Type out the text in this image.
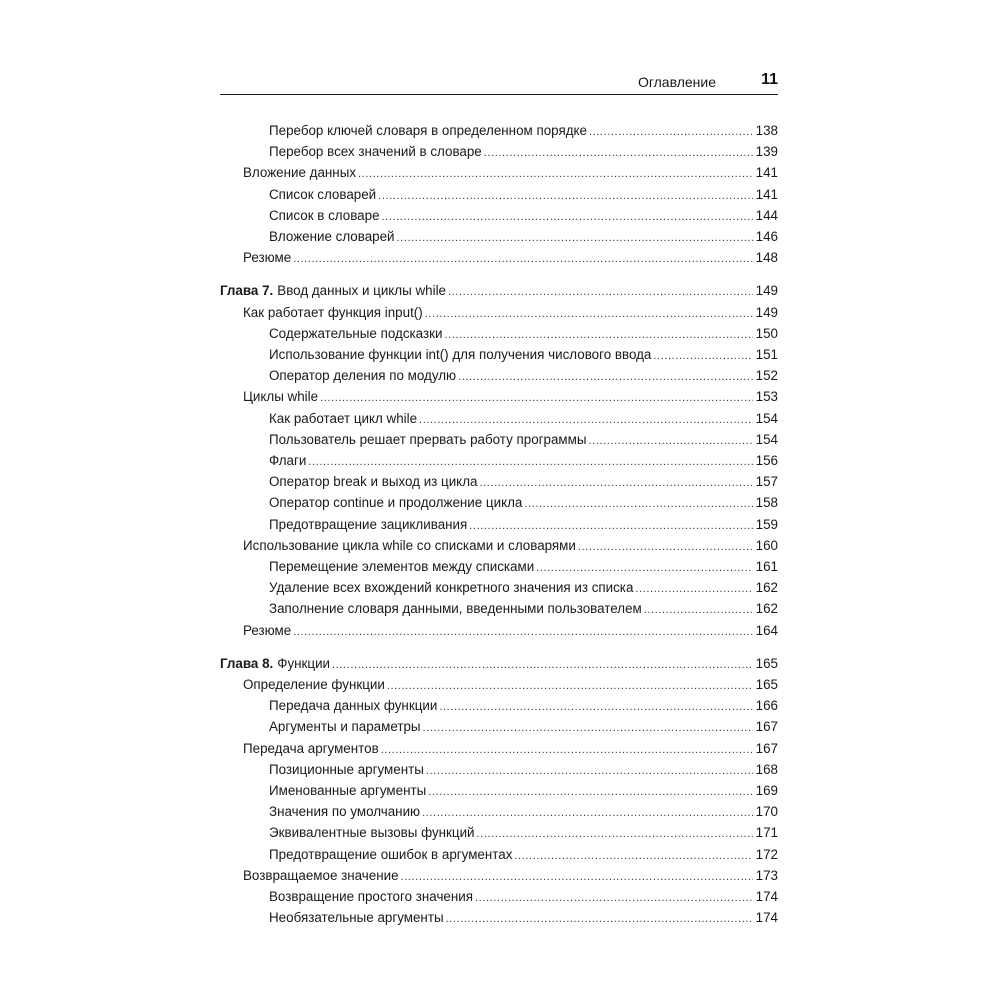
Оглавление	11
Перебор ключей словаря в определенном порядке .....	138
Перебор всех значений в словаре .....	139
Вложение данных .....	141
Список словарей .....	141
Список в словаре .....	144
Вложение словарей .....	146
Резюме .....	148
Глава 7. Ввод данных и циклы while .....	149
Как работает функция input() .....	149
Содержательные подсказки .....	150
Использование функции int() для получения числового ввода .....	151
Оператор деления по модулю .....	152
Циклы while .....	153
Как работает цикл while .....	154
Пользователь решает прервать работу программы .....	154
Флаги .....	156
Оператор break и выход из цикла .....	157
Оператор continue и продолжение цикла .....	158
Предотвращение зацикливания .....	159
Использование цикла while со списками и словарями .....	160
Перемещение элементов между списками .....	161
Удаление всех вхождений конкретного значения из списка .....	162
Заполнение словаря данными, введенными пользователем .....	162
Резюме .....	164
Глава 8. Функции .....	165
Определение функции .....	165
Передача данных функции .....	166
Аргументы и параметры .....	167
Передача аргументов .....	167
Позиционные аргументы .....	168
Именованные аргументы .....	169
Значения по умолчанию .....	170
Эквивалентные вызовы функций .....	171
Предотвращение ошибок в аргументах .....	172
Возвращаемое значение .....	173
Возвращение простого значения .....	174
Необязательные аргументы .....	174
